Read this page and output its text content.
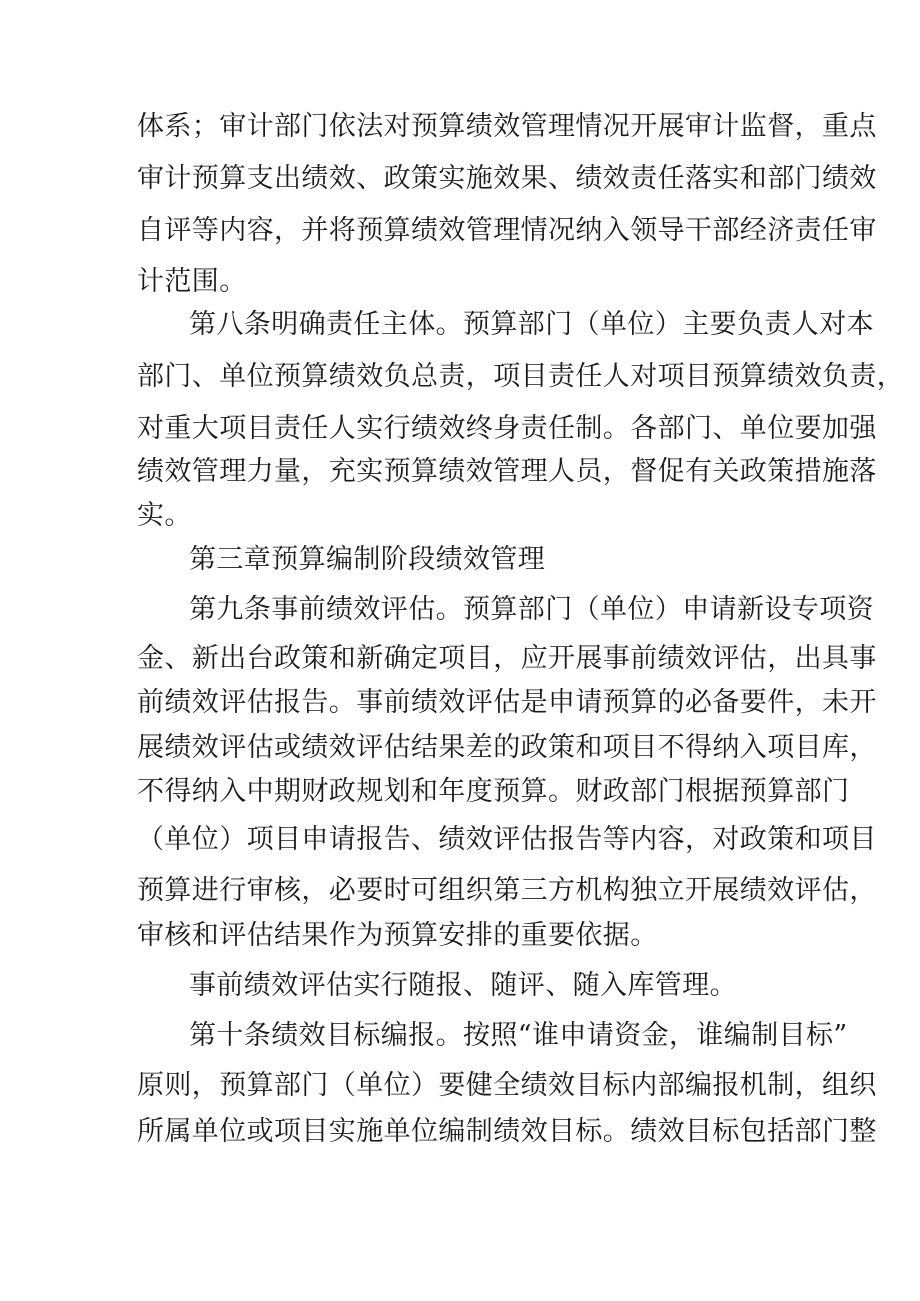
体系；审计部门依法对预算绩效管理情况开展审计监督，重点
审计预算支出绩效、政策实施效果、绩效责任落实和部门绩效
自评等内容，并将预算绩效管理情况纳入领导干部经济责任审
计范围。
第八条明确责任主体。预算部门（单位）主要负责人对本
部门、单位预算绩效负总责，项目责任人对项目预算绩效负责，
对重大项目责任人实行绩效终身责任制。各部门、单位要加强
绩效管理力量，充实预算绩效管理人员，督促有关政策措施落
实。
第三章预算编制阶段绩效管理
第九条事前绩效评估。预算部门（单位）申请新设专项资
金、新出台政策和新确定项目，应开展事前绩效评估，出具事
前绩效评估报告。事前绩效评估是申请预算的必备要件，未开
展绩效评估或绩效评估结果差的政策和项目不得纳入项目库，
不得纳入中期财政规划和年度预算。财政部门根据预算部门
（单位）项目申请报告、绩效评估报告等内容，对政策和项目
预算进行审核，必要时可组织第三方机构独立开展绩效评估，
审核和评估结果作为预算安排的重要依据。
事前绩效评估实行随报、随评、随入库管理。
第十条绩效目标编报。按照“谁申请资金，谁编制目标”
原则，预算部门（单位）要健全绩效目标内部编报机制，组织
所属单位或项目实施单位编制绩效目标。绩效目标包括部门整
